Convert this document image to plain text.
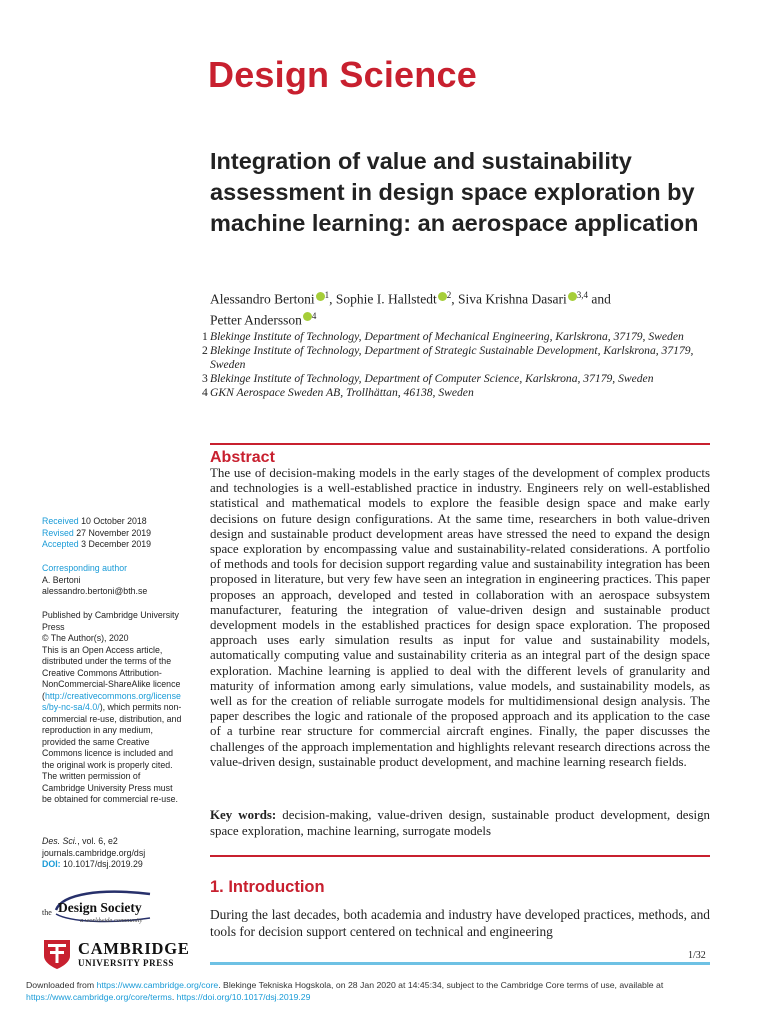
Design Science
Integration of value and sustainability assessment in design space exploration by machine learning: an aerospace application
Alessandro Bertoni $^1$, Sophie I. Hallstedt $^2$, Siva Krishna Dasari $^{3,4}$ and
Petter Andersson $^4$
1 Blekinge Institute of Technology, Department of Mechanical Engineering, Karlskrona, 37179, Sweden
2 Blekinge Institute of Technology, Department of Strategic Sustainable Development, Karlskrona, 37179, Sweden
3 Blekinge Institute of Technology, Department of Computer Science, Karlskrona, 37179, Sweden
4 GKN Aerospace Sweden AB, Trollhättan, 46138, Sweden
Abstract
The use of decision-making models in the early stages of the development of complex products and technologies is a well-established practice in industry. Engineers rely on well-established statistical and mathematical models to explore the feasible design space and make early decisions on future design configurations. At the same time, researchers in both value-driven design and sustainable product development areas have stressed the need to expand the design space exploration by encompassing value and sustainability-related considerations. A portfolio of methods and tools for decision support regarding value and sustainability integration has been proposed in literature, but very few have seen an integration in engineering practices. This paper proposes an approach, developed and tested in collaboration with an aerospace subsystem manufacturer, featuring the integration of value-driven design and sustainable product development models in the established practices for design space exploration. The proposed approach uses early simulation results as input for value and sustainability models, automatically computing value and sustainability criteria as an integral part of the design space exploration. Machine learning is applied to deal with the different levels of granularity and maturity of information among early simulations, value models, and sustainability models, as well as for the creation of reliable surrogate models for multidimensional design analysis. The paper describes the logic and rationale of the proposed approach and its application to the case of a turbine rear structure for commercial aircraft engines. Finally, the paper discusses the challenges of the approach implementation and highlights relevant research directions across the value-driven design, sustainable product development, and machine learning research fields.
Key words: decision-making, value-driven design, sustainable product development, design space exploration, machine learning, surrogate models
1. Introduction
During the last decades, both academia and industry have developed practices, methods, and tools for decision support centered on technical and engineering
Received 10 October 2018
Revised 27 November 2019
Accepted 3 December 2019
Corresponding author
A. Bertoni
alessandro.bertoni@bth.se
Published by Cambridge University Press
© The Author(s), 2020
This is an Open Access article, distributed under the terms of the Creative Commons Attribution-NonCommercial-ShareAlike licence (http://creativecommons.org/licenses/by-nc-sa/4.0/), which permits non-commercial re-use, distribution, and reproduction in any medium, provided the same Creative Commons licence is included and the original work is properly cited. The written permission of Cambridge University Press must be obtained for commercial re-use.
Des. Sci., vol. 6, e2
journals.cambridge.org/dsj
DOI: 10.1017/dsj.2019.29
the Design Society
a worldwide community
CAMBRIDGE
UNIVERSITY PRESS
1/32
Downloaded from https://www.cambridge.org/core. Blekinge Tekniska Hogskola, on 28 Jan 2020 at 14:45:34, subject to the Cambridge Core terms of use, available at
https://www.cambridge.org/core/terms. https://doi.org/10.1017/dsj.2019.29
